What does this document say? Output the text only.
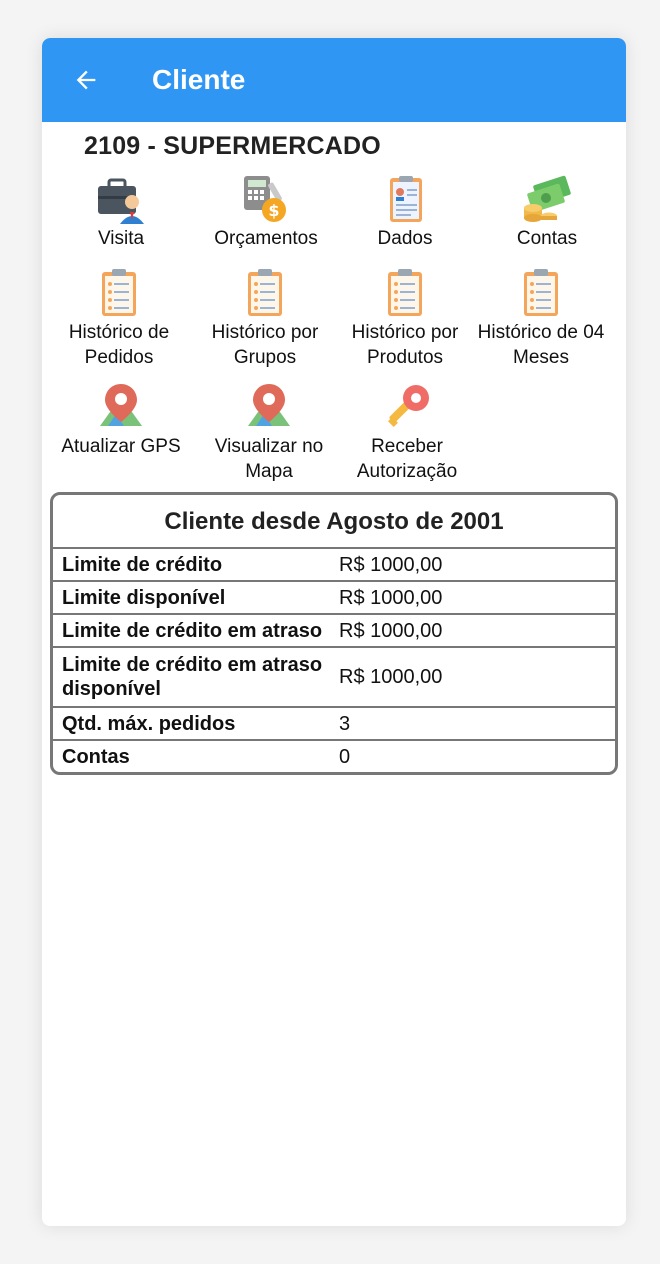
Cliente
2109 - SUPERMERCADO
Visita
$
Orçamentos	Dados	Contas
Histórico de Pedidos
Histórico por Grupos
Histórico por Produtos
Histórico de 04 Meses
Atualizar GPS	Visualizar no Mapa
Receber Autorização
Cliente desde Agosto de 2001
Limite de crédito	R$ 1000,00
Limite disponível	R$ 1000,00
Limite de crédito em atraso R$ 1000,00
Limite de crédito em atraso disponível
R$ 1000,00
Qtd. máx. pedidos	3
Contas	0
